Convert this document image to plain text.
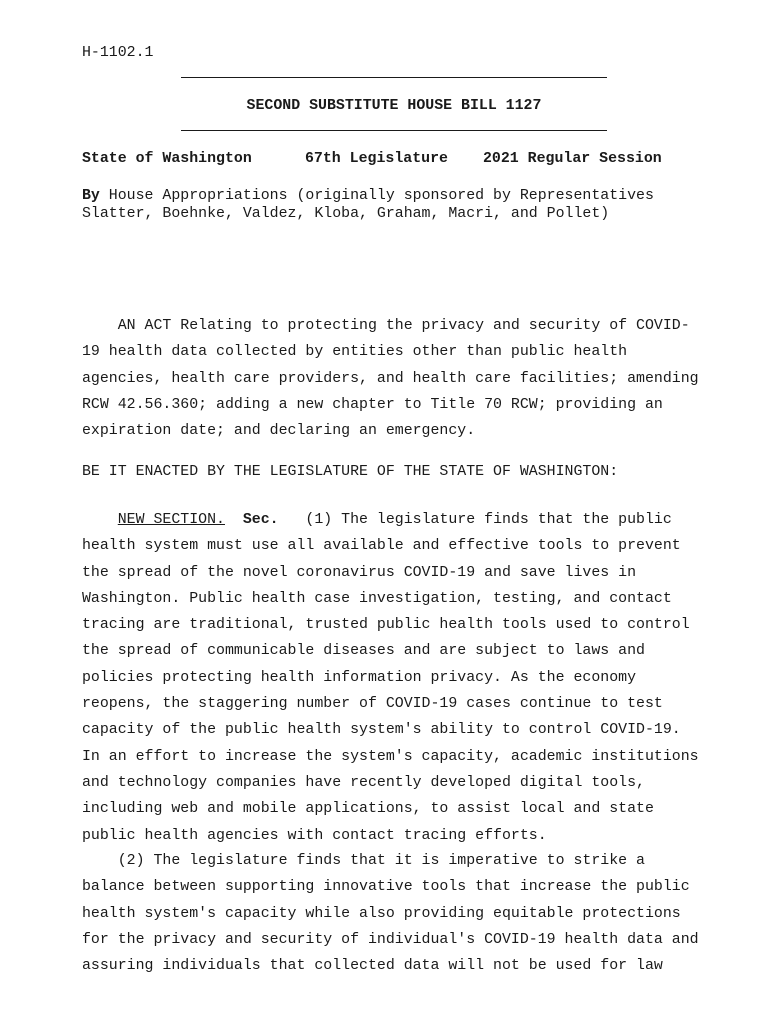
H-1102.1
SECOND SUBSTITUTE HOUSE BILL 1127
State of Washington	67th Legislature 2021 Regular Session
By House Appropriations (originally sponsored by Representatives
Slatter, Boehnke, Valdez, Kloba, Graham, Macri, and Pollet)
AN ACT Relating to protecting the privacy and security of COVID-
19 health data collected by entities other than public health
agencies, health care providers, and health care facilities; amending
RCW 42.56.360; adding a new chapter to Title 70 RCW; providing an
expiration date; and declaring an emergency.
BE IT ENACTED BY THE LEGISLATURE OF THE STATE OF WASHINGTON:
NEW SECTION. Sec.   (1) The legislature finds that the public
health system must use all available and effective tools to prevent
the spread of the novel coronavirus COVID-19 and save lives in
Washington. Public health case investigation, testing, and contact
tracing are traditional, trusted public health tools used to control
the spread of communicable diseases and are subject to laws and
policies protecting health information privacy. As the economy
reopens, the staggering number of COVID-19 cases continue to test
capacity of the public health system's ability to control COVID-19.
In an effort to increase the system's capacity, academic institutions
and technology companies have recently developed digital tools,
including web and mobile applications, to assist local and state
public health agencies with contact tracing efforts.
(2) The legislature finds that it is imperative to strike a
balance between supporting innovative tools that increase the public
health system's capacity while also providing equitable protections
for the privacy and security of individual's COVID-19 health data and
assuring individuals that collected data will not be used for law
